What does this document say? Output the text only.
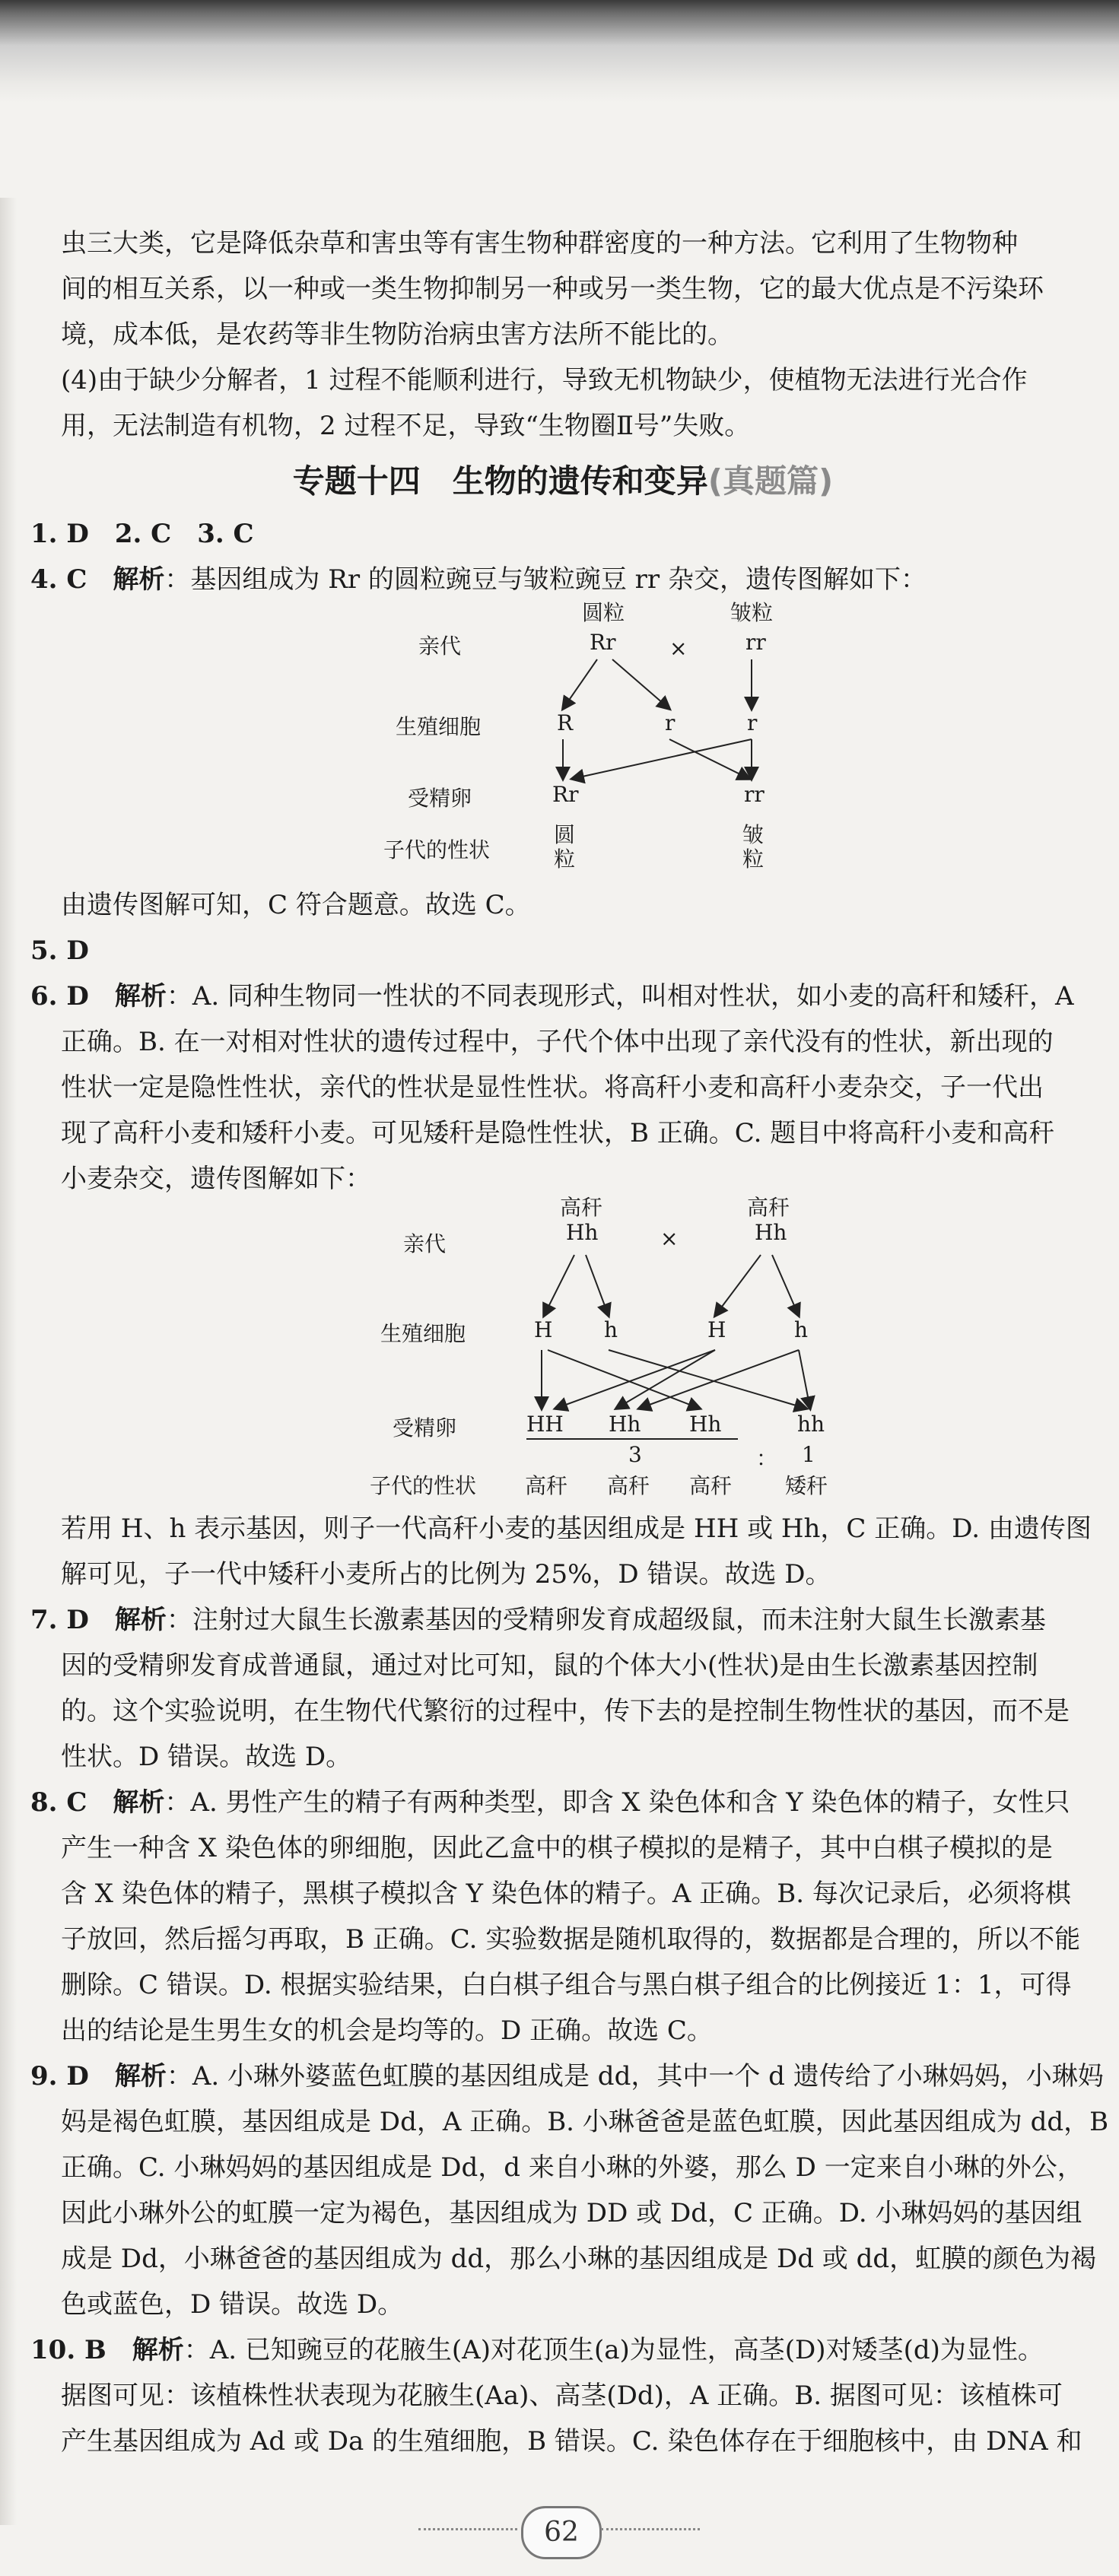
虫三大类，它是降低杂草和害虫等有害生物种群密度的一种方法。它利用了生物物种
间的相互关系，以一种或一类生物抑制另一种或另一类生物，它的最大优点是不污染环
境，成本低，是农药等非生物防治病虫害方法所不能比的。
(4)由于缺少分解者，1 过程不能顺利进行，导致无机物缺少，使植物无法进行光合作
用，无法制造有机物，2 过程不足，导致“生物圈Ⅱ号”失败。
专题十四　生物的遗传和变异(真题篇)
1. D　2. C　3. C
4. C　 解析：基因组成为 Rr 的圆粒豌豆与皱粒豌豆 rr 杂交，遗传图解如下：
亲代
生殖细胞
受精卵
子代的性状
圆粒	皱粒
Rr	×	rr
R	r	r
Rr	rr
圆
粒
皱
粒
由遗传图解可知，C 符合题意。故选 C。
5. D
6. D　 解析：A. 同种生物同一性状的不同表现形式，叫相对性状，如小麦的高秆和矮秆，A
正确。B. 在一对相对性状的遗传过程中，子代个体中出现了亲代没有的性状，新出现的
性状一定是隐性性状，亲代的性状是显性性状。将高秆小麦和高秆小麦杂交，子一代出
现了高秆小麦和矮秆小麦。可见矮秆是隐性性状，B 正确。C. 题目中将高秆小麦和高秆
小麦杂交，遗传图解如下：
亲代
生殖细胞
受精卵
子代的性状
高秆	高秆
Hh	×	Hh
H h	H	h
HH Hh Hh	hh
3	： 1
高秆 高秆 高秆 矮秆
若用 H、h 表示基因，则子一代高秆小麦的基因组成是 HH 或 Hh，C 正确。D. 由遗传图
解可见，子一代中矮秆小麦所占的比例为 25%，D 错误。故选 D。
7. D　 解析：注射过大鼠生长激素基因的受精卵发育成超级鼠，而未注射大鼠生长激素基
因的受精卵发育成普通鼠，通过对比可知，鼠的个体大小(性状)是由生长激素基因控制
的。这个实验说明，在生物代代繁衍的过程中，传下去的是控制生物性状的基因，而不是
性状。D 错误。故选 D。
8. C　 解析：A. 男性产生的精子有两种类型，即含 X 染色体和含 Y 染色体的精子，女性只
产生一种含 X 染色体的卵细胞，因此乙盒中的棋子模拟的是精子，其中白棋子模拟的是
含 X 染色体的精子，黑棋子模拟含 Y 染色体的精子。A 正确。B. 每次记录后，必须将棋
子放回，然后摇匀再取，B 正确。C. 实验数据是随机取得的，数据都是合理的，所以不能
删除。C 错误。D. 根据实验结果，白白棋子组合与黑白棋子组合的比例接近 1：1，可得
出的结论是生男生女的机会是均等的。D 正确。故选 C。
9. D　 解析：A. 小琳外婆蓝色虹膜的基因组成是 dd，其中一个 d 遗传给了小琳妈妈，小琳妈
妈是褐色虹膜，基因组成是 Dd，A 正确。B. 小琳爸爸是蓝色虹膜，因此基因组成为 dd，B
正确。C. 小琳妈妈的基因组成是 Dd，d 来自小琳的外婆，那么 D 一定来自小琳的外公，
因此小琳外公的虹膜一定为褐色，基因组成为 DD 或 Dd，C 正确。D. 小琳妈妈的基因组
成是 Dd，小琳爸爸的基因组成为 dd，那么小琳的基因组成是 Dd 或 dd，虹膜的颜色为褐
色或蓝色，D 错误。故选 D。
10. B　 解析：A. 已知豌豆的花腋生(A)对花顶生(a)为显性，高茎(D)对矮茎(d)为显性。
据图可见：该植株性状表现为花腋生(Aa)、高茎(Dd)，A 正确。B. 据图可见：该植株可
产生基因组成为 Ad 或 Da 的生殖细胞，B 错误。C. 染色体存在于细胞核中，由 DNA 和
62
